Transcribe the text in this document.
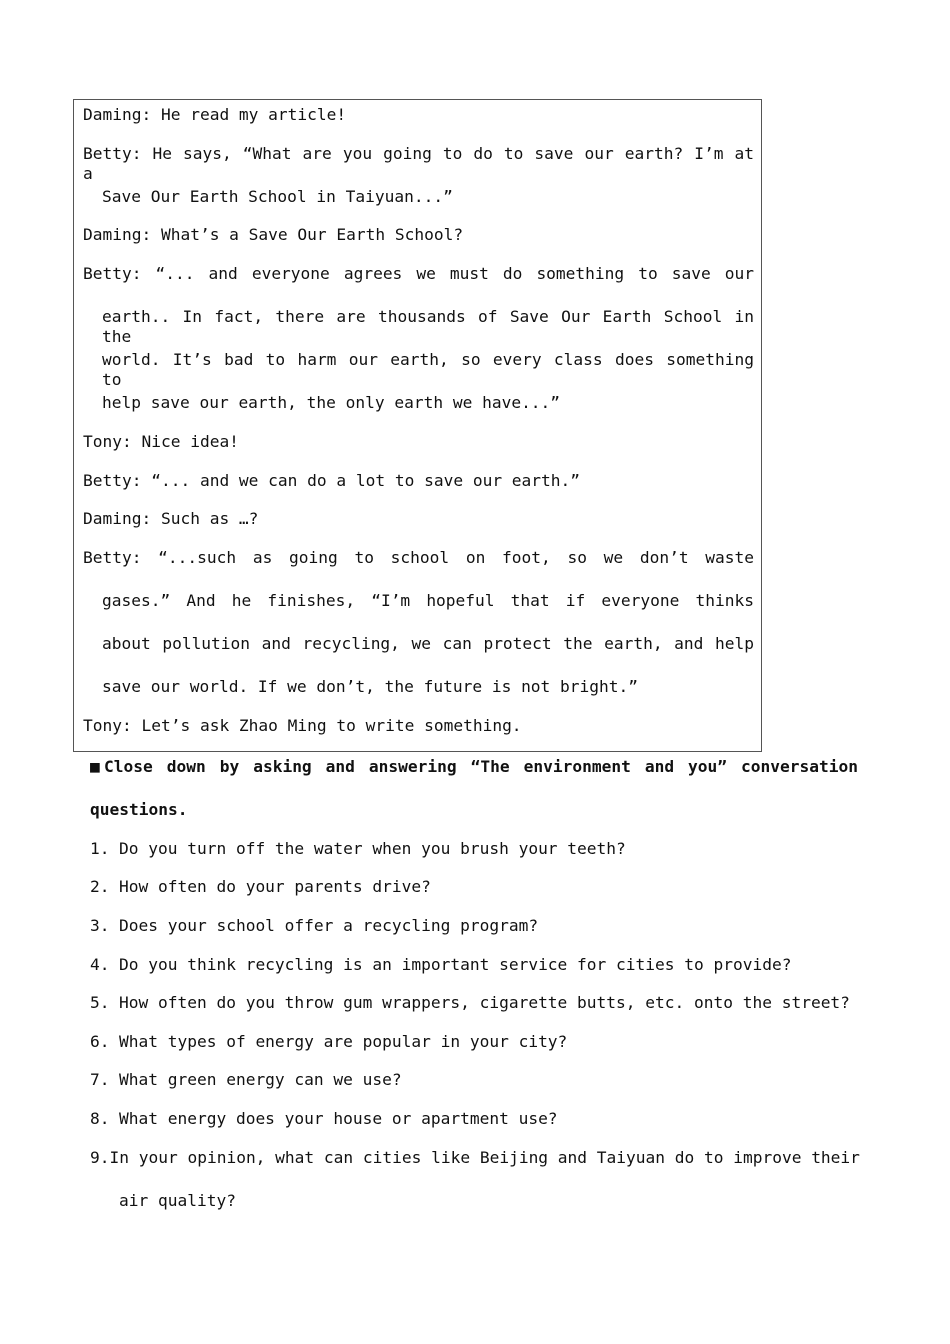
Daming: He read my article!
Betty: He says, “What are you going to do to save our earth? I’m at a
Save Our Earth School in Taiyuan...”
Daming: What’s a Save Our Earth School?
Betty: “... and everyone agrees we must do something to save our
earth.. In fact, there are thousands of Save Our Earth School in the
world. It’s bad to harm our earth, so every class does something to
help save our earth, the only earth we have...”
Tony: Nice idea!
Betty: “... and we can do a lot to save our earth.”
Daming: Such as …?
Betty: “...such as going to school on foot, so we don’t waste
gases.” And he finishes, “I’m hopeful that if everyone thinks
about pollution and recycling, we can protect the earth, and help
save our world. If we don’t, the future is not bright.”
Tony: Let’s ask Zhao Ming to write something.
■Close down by asking and answering “The environment and you” conversation
questions.
1. Do you turn off the water when you brush your teeth?
2. How often do your parents drive?
3. Does your school offer a recycling program?
4. Do you think recycling is an important service for cities to provide?
5. How often do you throw gum wrappers, cigarette butts, etc. onto the street?
6. What types of energy are popular in your city?
7. What green energy can we use?
8. What energy does your house or apartment use?
9. In your opinion, what can cities like Beijing and Taiyuan do to improve their
air quality?
